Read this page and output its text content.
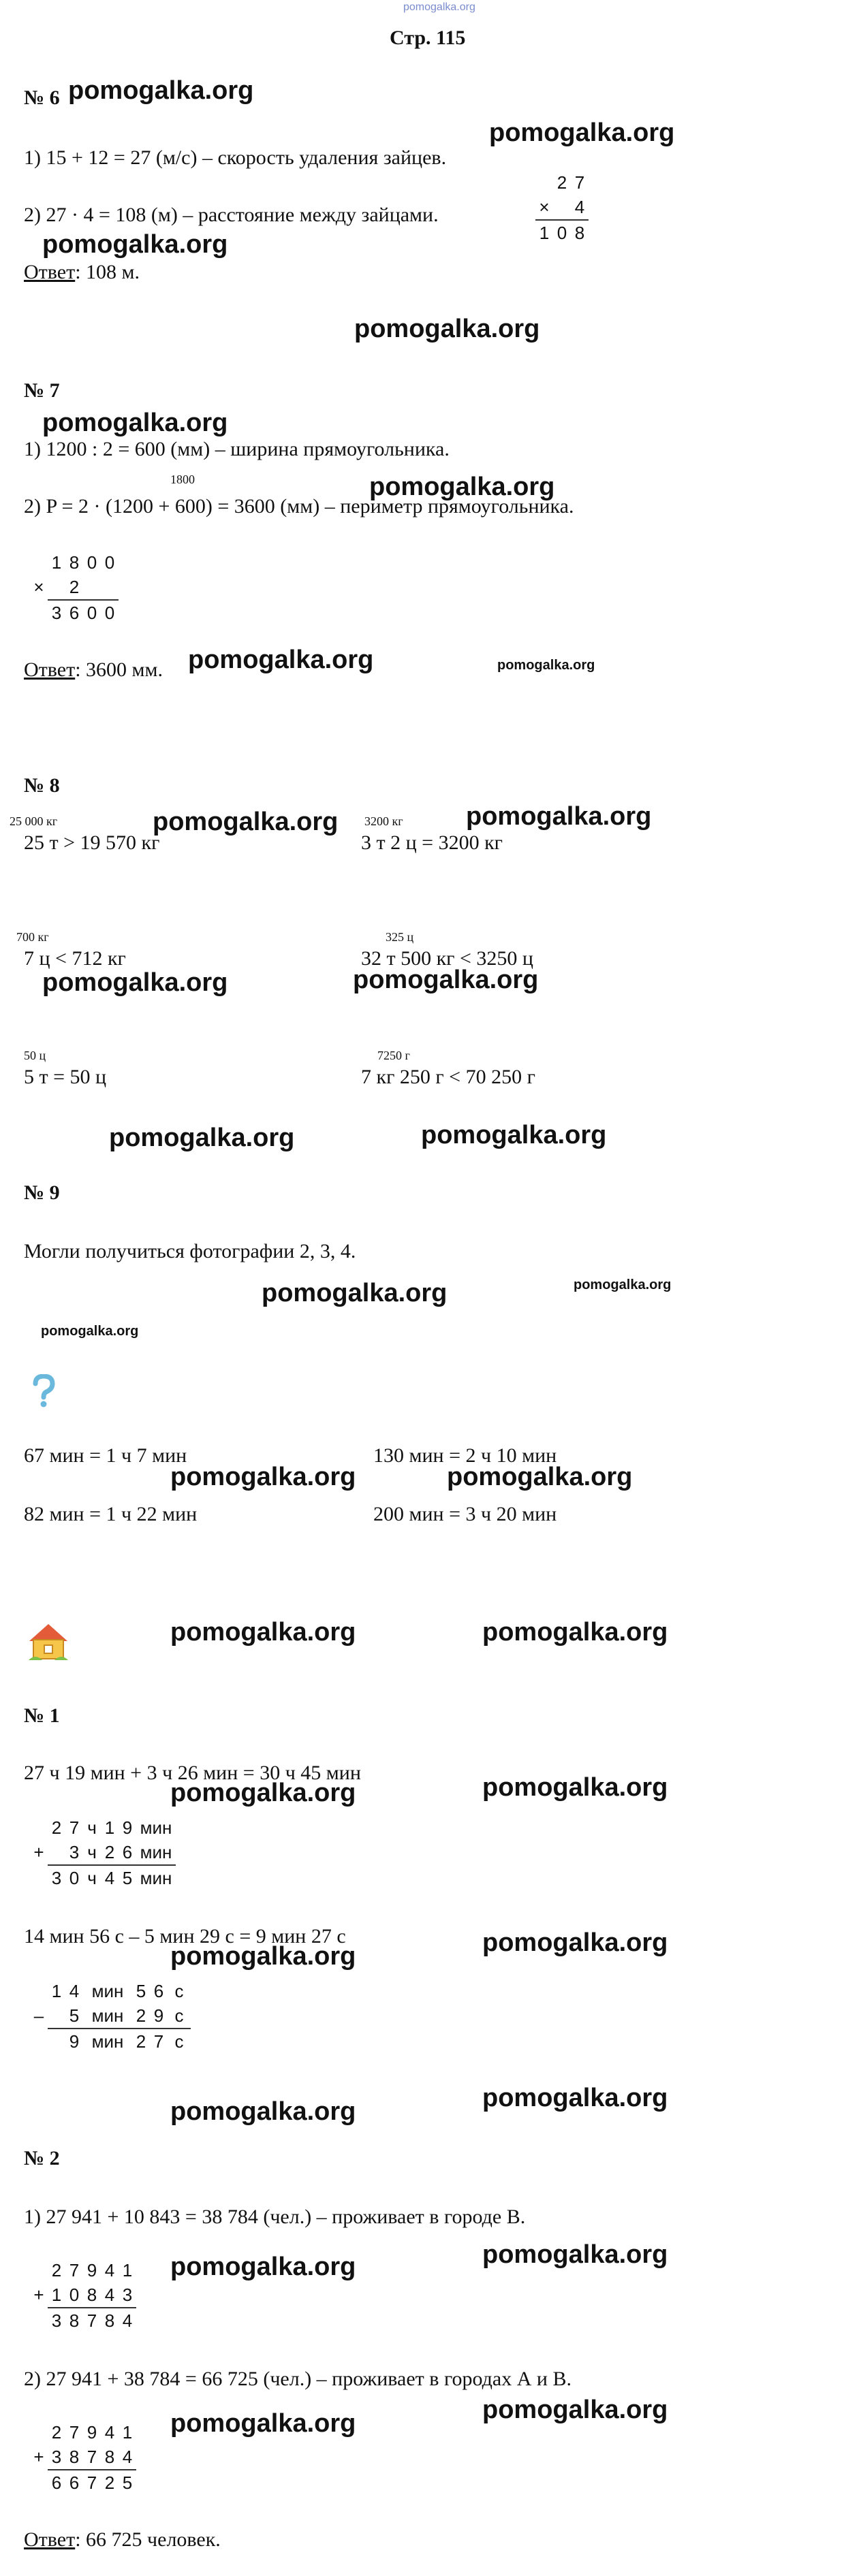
pomogalka.org
Стр. 115
№ 6 pomogalka.org
pomogalka.org
1) 15 + 12 = 27 (м/с) – скорость удаления зайцев.
2) 27 · 4 = 108 (м) – расстояние между зайцами.
	2	7
×		4
1	0	8
pomogalka.org
Ответ: 108 м.
pomogalka.org
№ 7
pomogalka.org
1) 1200 : 2 = 600 (мм) – ширина прямоугольника.
1800	pomogalka.org
2) P = 2 · (1200 + 600) = 3600 (мм) – периметр прямоугольника.
	1	8	0	0
×		2		
	3	6	0	0
Ответ: 3600 мм. pomogalka.org	pomogalka.org
№ 8
25 000 кг
25 т > 19 570 кг
pomogalka.org 3200 кг
3 т 2 ц = 3200 кг
pomogalka.org
700 кг
7 ц < 712 кг
pomogalka.org
325 ц
32 т 500 кг < 3250 ц
pomogalka.org
50 ц
5 т = 50 ц
7250 г
7 кг 250 г < 70 250 г
pomogalka.org	pomogalka.org
№ 9
Могли получиться фотографии 2, 3, 4.
pomogalka.org	pomogalka.org
pomogalka.org
67 мин = 1 ч 7 мин	130 мин = 2 ч 10 мин
pomogalka.org	pomogalka.org
82 мин = 1 ч 22 мин	200 мин = 3 ч 20 мин
pomogalka.org	pomogalka.org
№ 1
27 ч 19 мин + 3 ч 26 мин = 30 ч 45 мин
pomogalka.org
pomogalka.org
	2	7	ч	1	9	мин
+		3	ч	2	6	мин
	3	0	ч	4	5	мин
14 мин 56 с – 5 мин 29 с = 9 мин 27 с	pomogalka.org
pomogalka.org
	1	4	мин	5	6	с
–		5	мин	2	9	с
		9	мин	2	7	с
pomogalka.org
pomogalka.org
№ 2
1) 27 941 + 10 843 = 38 784 (чел.) – проживает в городе В.
pomogalka.org
pomogalka.org
	2	7	9	4	1
+	1	0	8	4	3
	3	8	7	8	4
2) 27 941 + 38 784 = 66 725 (чел.) – проживает в городах А и В.
pomogalka.org
pomogalka.org
	2	7	9	4	1
+	3	8	7	8	4
	6	6	7	2	5
Ответ: 66 725 человек.
